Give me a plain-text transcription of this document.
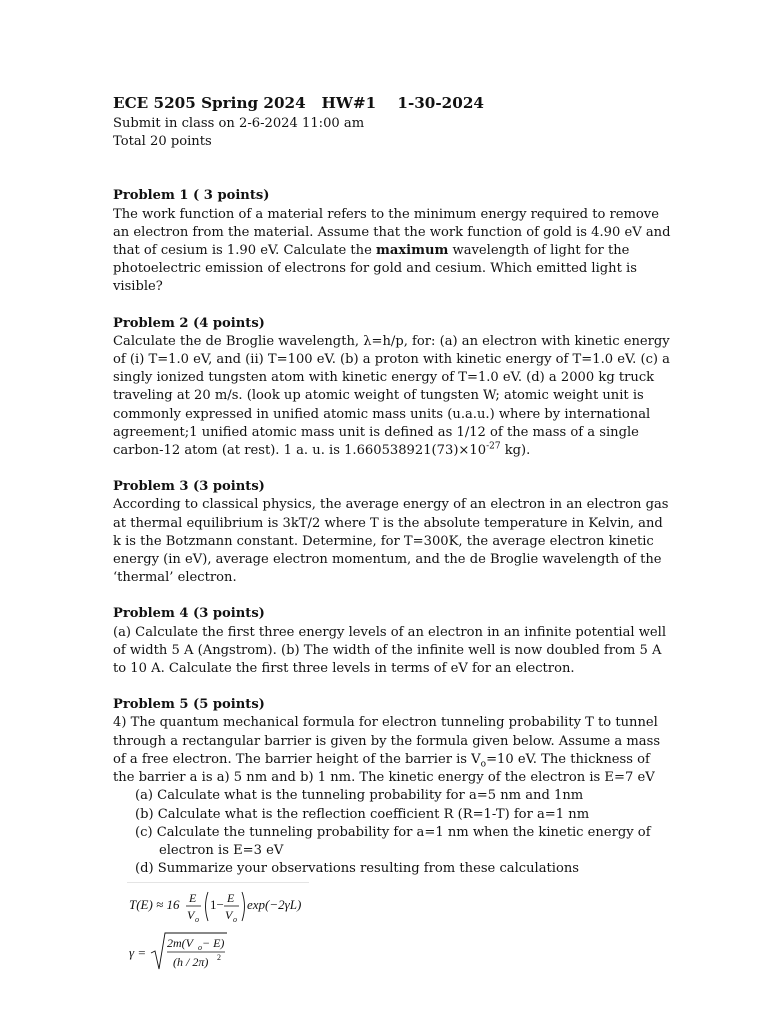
ECE 5205 Spring 2024   HW#1    1-30-2024

Submit in class on 2-6-2024 11:00 am

Total 20 points

Problem 1 ( 3 points)

The work function of a material refers to the minimum energy required to remove an electron from the material. Assume that the work function of gold is 4.90 eV and that of cesium is 1.90 eV. Calculate the maximum wavelength of light for the photoelectric emission of electrons for gold and cesium. Which emitted light is visible?

Problem 2 (4 points)

Calculate the de Broglie wavelength, λ=h/p, for: (a) an electron with kinetic energy of (i) T=1.0 eV, and (ii) T=100 eV. (b) a proton with kinetic energy of T=1.0 eV. (c) a singly ionized tungsten atom with kinetic energy of T=1.0 eV. (d) a 2000 kg truck traveling at 20 m/s. (look up atomic weight of tungsten W; atomic weight unit is commonly expressed in unified atomic mass units (u.a.u.) where by international agreement;1 unified atomic mass unit is defined as 1/12 of the mass of a single carbon-12 atom (at rest). 1 a. u. is $1.660538921(73)\times 10^{-27}$ kg).

Problem 3 (3 points)

According to classical physics, the average energy of an electron in an electron gas at thermal equilibrium is 3kT/2 where T is the absolute temperature in Kelvin, and k is the Botzmann constant. Determine, for T=300K, the average electron kinetic energy (in eV), average electron momentum, and the de Broglie wavelength of the ‘thermal’ electron.

Problem 4 (3 points)

(a) Calculate the first three energy levels of an electron in an infinite potential well of width 5 A (Angstrom). (b) The width of the infinite well is now doubled from 5 A to 10 A. Calculate the first three levels in terms of eV for an electron.

Problem 5 (5 points)

4) The quantum mechanical formula for electron tunneling probability T to tunnel through a rectangular barrier is given by the formula given below. Assume a mass of a free electron. The barrier height of the barrier is $V_o=10$ eV. The thickness of the barrier a is a) 5 nm and b) 1 nm. The kinetic energy of the electron is E=7 eV

(a) Calculate what is the tunneling probability for a=5 nm and 1nm
(b) Calculate what is the reflection coefficient R (R=1-T) for a=1 nm
(c) Calculate the tunneling probability for a=1 nm when the kinetic energy of electron is E=3 eV
(d) Summarize your observations resulting from these calculations
T(E) ≈ 16 E
V o
1− E
V o
exp(−2γL)
γ =
2m(V o − E)
(h / 2π) 2
